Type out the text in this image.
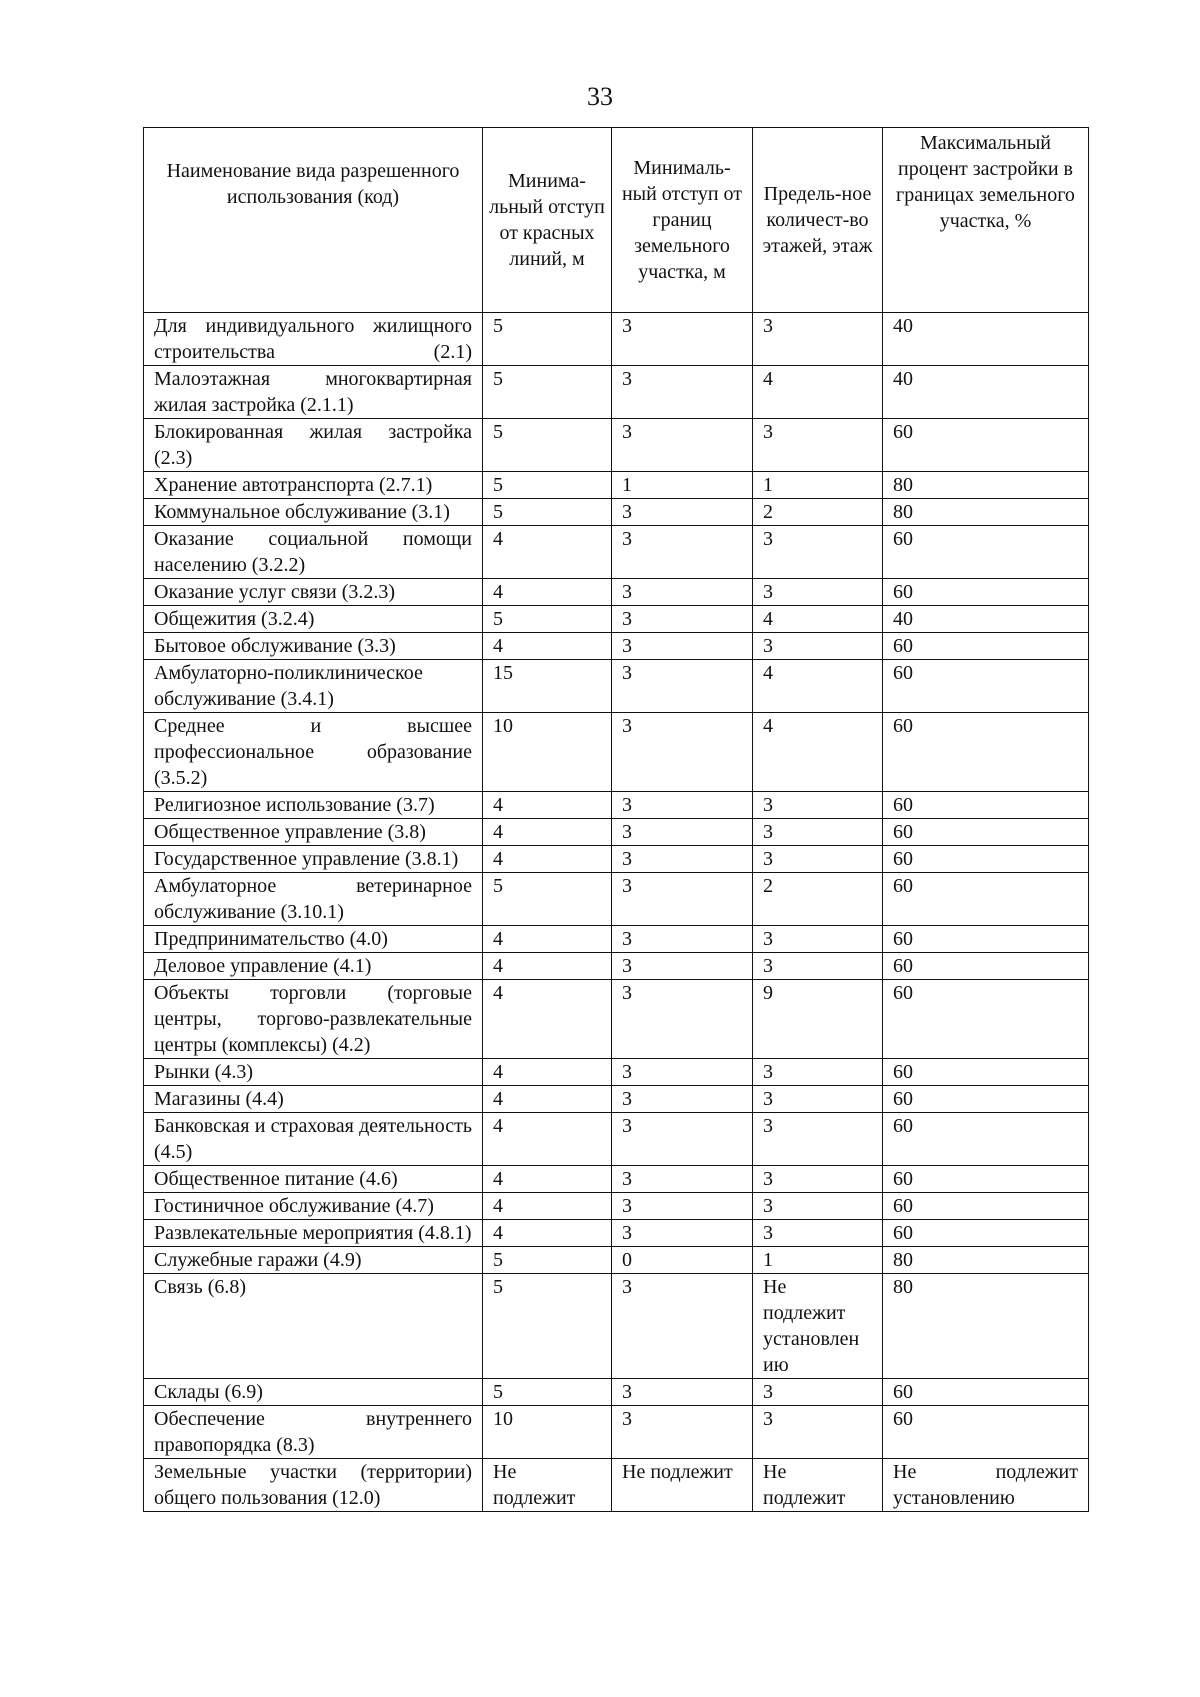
33
Наименование вида разрешенного использования (код)	Минима-льный отступ от красных линий, м	Минималь-ный отступ от границ земельного участка, м	Предель-ное количест-во этажей, этаж	Максимальный процент застройки в границах земельного участка, %
Для индивидуального жилищного строительства (2.1)	5	3	3	40
Малоэтажная многоквартирная жилая застройка (2.1.1)	5	3	4	40
Блокированная жилая застройка (2.3)	5	3	3	60
Хранение автотранспорта (2.7.1)	5	1	1	80
Коммунальное обслуживание (3.1)	5	3	2	80
Оказание социальной помощи населению (3.2.2)	4	3	3	60
Оказание услуг связи (3.2.3)	4	3	3	60
Общежития (3.2.4)	5	3	4	40
Бытовое обслуживание (3.3)	4	3	3	60
Амбулаторно-поликлиническое обслуживание (3.4.1)	15	3	4	60
Среднее и высшее профессиональное образование (3.5.2)	10	3	4	60
Религиозное использование (3.7)	4	3	3	60
Общественное управление (3.8)	4	3	3	60
Государственное управление (3.8.1)	4	3	3	60
Амбулаторное ветеринарное обслуживание (3.10.1)	5	3	2	60
Предпринимательство (4.0)	4	3	3	60
Деловое управление (4.1)	4	3	3	60
Объекты торговли (торговые центры, торгово-развлекательные центры (комплексы) (4.2)	4	3	9	60
Рынки (4.3)	4	3	3	60
Магазины (4.4)	4	3	3	60
Банковская и страховая деятельность (4.5)	4	3	3	60
Общественное питание (4.6)	4	3	3	60
Гостиничное обслуживание (4.7)	4	3	3	60
Развлекательные мероприятия (4.8.1)	4	3	3	60
Служебные гаражи (4.9)	5	0	1	80
Связь (6.8)	5	3	Не подлежит установлен ию	80
Склады (6.9)	5	3	3	60
Обеспечение внутреннего правопорядка (8.3)	10	3	3	60
Земельные участки (территории) общего пользования (12.0)	Не подлежит	Не подлежит	Не подлежит	Не подлежит установлению
